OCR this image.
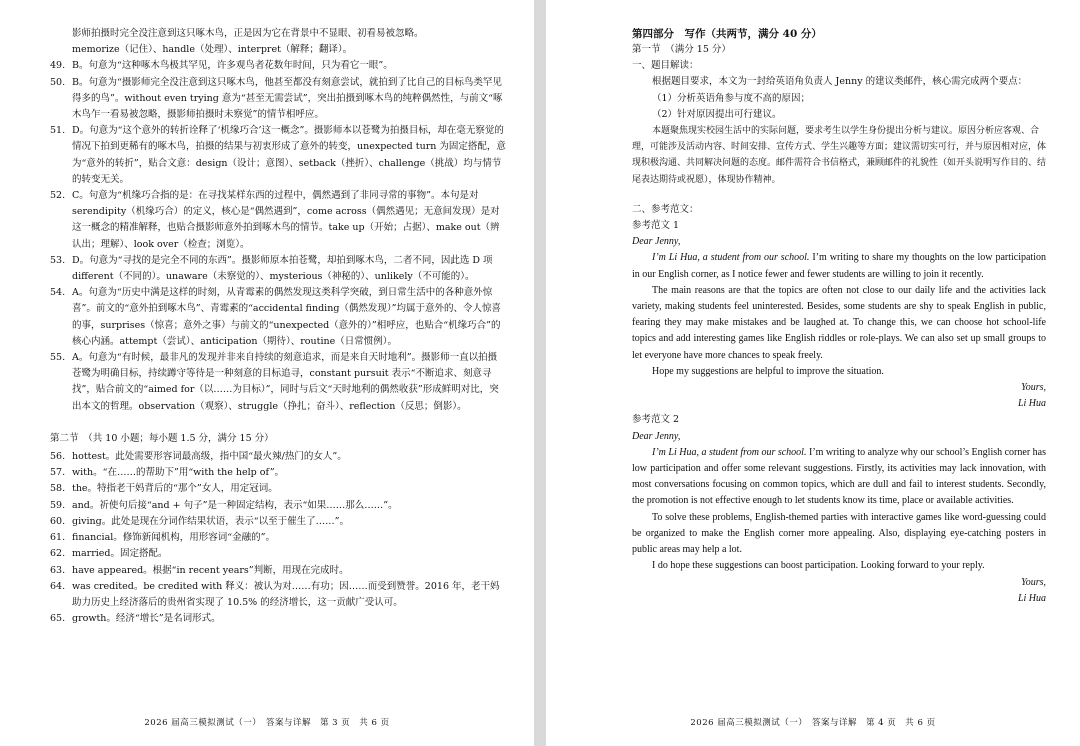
影师拍摄时完全没注意到这只啄木鸟，正是因为它在背景中不显眼、初看易被忽略。

memorize（记住）、handle（处理）、interpret（解释；翻译）。

49. B。句意为“这种啄木鸟极其罕见，许多观鸟者花数年时间，只为看它一眼”。
50. B。句意为“摄影师完全没注意到这只啄木鸟，他甚至都没有刻意尝试，就拍到了比自己的目标鸟类罕见得多的鸟”。without even trying 意为“甚至无需尝试”，突出拍摄到啄木鸟的纯粹偶然性，与前文“啄木鸟乍一看易被忽略，摄影师拍摄时未察觉”的情节相呼应。
51. D。句意为“这个意外的转折诠释了‘机缘巧合’这一概念”。摄影师本以苍鹭为拍摄目标，却在毫无察觉的情况下拍到更稀有的啄木鸟，拍摄的结果与初衷形成了意外的转变，unexpected turn 为固定搭配，意为“意外的转折”，贴合文意：design（设计；意图）、setback（挫折）、challenge（挑战）均与情节的转变无关。
52. C。句意为“机缘巧合指的是：在寻找某样东西的过程中，偶然遇到了非同寻常的事物”。本句是对 serendipity（机缘巧合）的定义，核心是“偶然遇到”，come across（偶然遇见；无意间发现）是对这一概念的精准解释，也贴合摄影师意外拍到啄木鸟的情节。take up（开始；占据）、make out（辨认出；理解）、look over（检查；浏览）。
53. D。句意为“寻找的是完全不同的东西”。摄影师原本拍苍鹭，却拍到啄木鸟，二者不同，因此选 D 项 different（不同的）。unaware（未察觉的）、mysterious（神秘的）、unlikely（不可能的）。
54. A。句意为“历史中满是这样的时刻，从青霉素的偶然发现这类科学突破，到日常生活中的各种意外惊喜”。前文的“意外拍到啄木鸟”、青霉素的“accidental finding（偶然发现）”均属于意外的、令人惊喜的事，surprises（惊喜；意外之事）与前文的“unexpected（意外的）”相呼应，也贴合“机缘巧合”的核心内涵。attempt（尝试）、anticipation（期待）、routine（日常惯例）。
55. A。句意为“有时候，最非凡的发现并非来自持续的刻意追求，而是来自天时地利”。摄影师一直以拍摄苍鹭为明确目标，持续蹲守等待是一种刻意的目标追寻，constant pursuit 表示“不断追求、刻意寻找”，贴合前文的“aimed for（以……为目标）”，同时与后文“天时地利的偶然收获”形成鲜明对比，突出本文的哲理。observation（观察）、struggle（挣扎；奋斗）、reflection（反思；倒影）。

第二节　（共 10 小题；每小题 1.5 分，满分 15 分）

56. hottest。此处需要形容词最高级，指中国“最火辣/热门的女人”。
57. with。“在……的帮助下”用“with the help of”。
58. the。特指老干妈背后的“那个”女人，用定冠词。
59. and。祈使句后接“and + 句子”是一种固定结构，表示“如果……那么……”。
60. giving。此处是现在分词作结果状语，表示“以至于催生了……”。
61. financial。修饰新闻机构，用形容词“金融的”。
62. married。固定搭配。
63. have appeared。根据“in recent years”判断，用现在完成时。
64. was credited。be credited with 释义：被认为对……有功；因……而受到赞誉。2016 年，老干妈助力历史上经济落后的贵州省实现了 10.5% 的经济增长，这一贡献广受认可。
65. growth。经济“增长”是名词形式。
2026 届高三模拟测试（一）　答案与详解　第 3 页　共 6 页

第四部分　写作（共两节，满分 40 分）

第一节　（满分 15 分）

一、题目解读：

根据题目要求，本文为一封给英语角负责人 Jenny 的建议类邮件，核心需完成两个要点：

（1）分析英语角参与度不高的原因；

（2）针对原因提出可行建议。

本题聚焦现实校园生活中的实际问题，要求考生以学生身份提出分析与建议。原因分析应客观、合理，可能涉及活动内容、时间安排、宣传方式、学生兴趣等方面；建议需切实可行，并与原因相对应，体现积极沟通、共同解决问题的态度。邮件需符合书信格式，兼顾邮件的礼貌性（如开头说明写作目的、结尾表达期待或祝愿），体现协作精神。

二、参考范文：

参考范文 1

Dear Jenny,

I’m Li Hua, a student from our school. I’m writing to share my thoughts on the low participation in our English corner, as I notice fewer and fewer students are willing to join it recently.

The main reasons are that the topics are often not close to our daily life and the activities lack variety, making students feel uninterested. Besides, some students are shy to speak English in public, fearing they may make mistakes and be laughed at. To change this, we can choose hot school-life topics and add interesting games like English riddles or role-plays. We can also set up small groups to let everyone have more chances to speak freely.

Hope my suggestions are helpful to improve the situation.

Yours,

Li Hua

参考范文 2

Dear Jenny,

I’m Li Hua, a student from our school. I’m writing to analyze why our school’s English corner has low participation and offer some relevant suggestions. Firstly, its activities may lack innovation, with most conversations focusing on common topics, which are dull and fail to interest students. Secondly, the promotion is not effective enough to let students know its time, place or available activities.

To solve these problems, English-themed parties with interactive games like word-guessing could be organized to make the English corner more appealing. Also, displaying eye-catching posters in public areas may help a lot.

I do hope these suggestions can boost participation. Looking forward to your reply.

Yours,

Li Hua

2026 届高三模拟测试（一）　答案与详解　第 4 页　共 6 页
